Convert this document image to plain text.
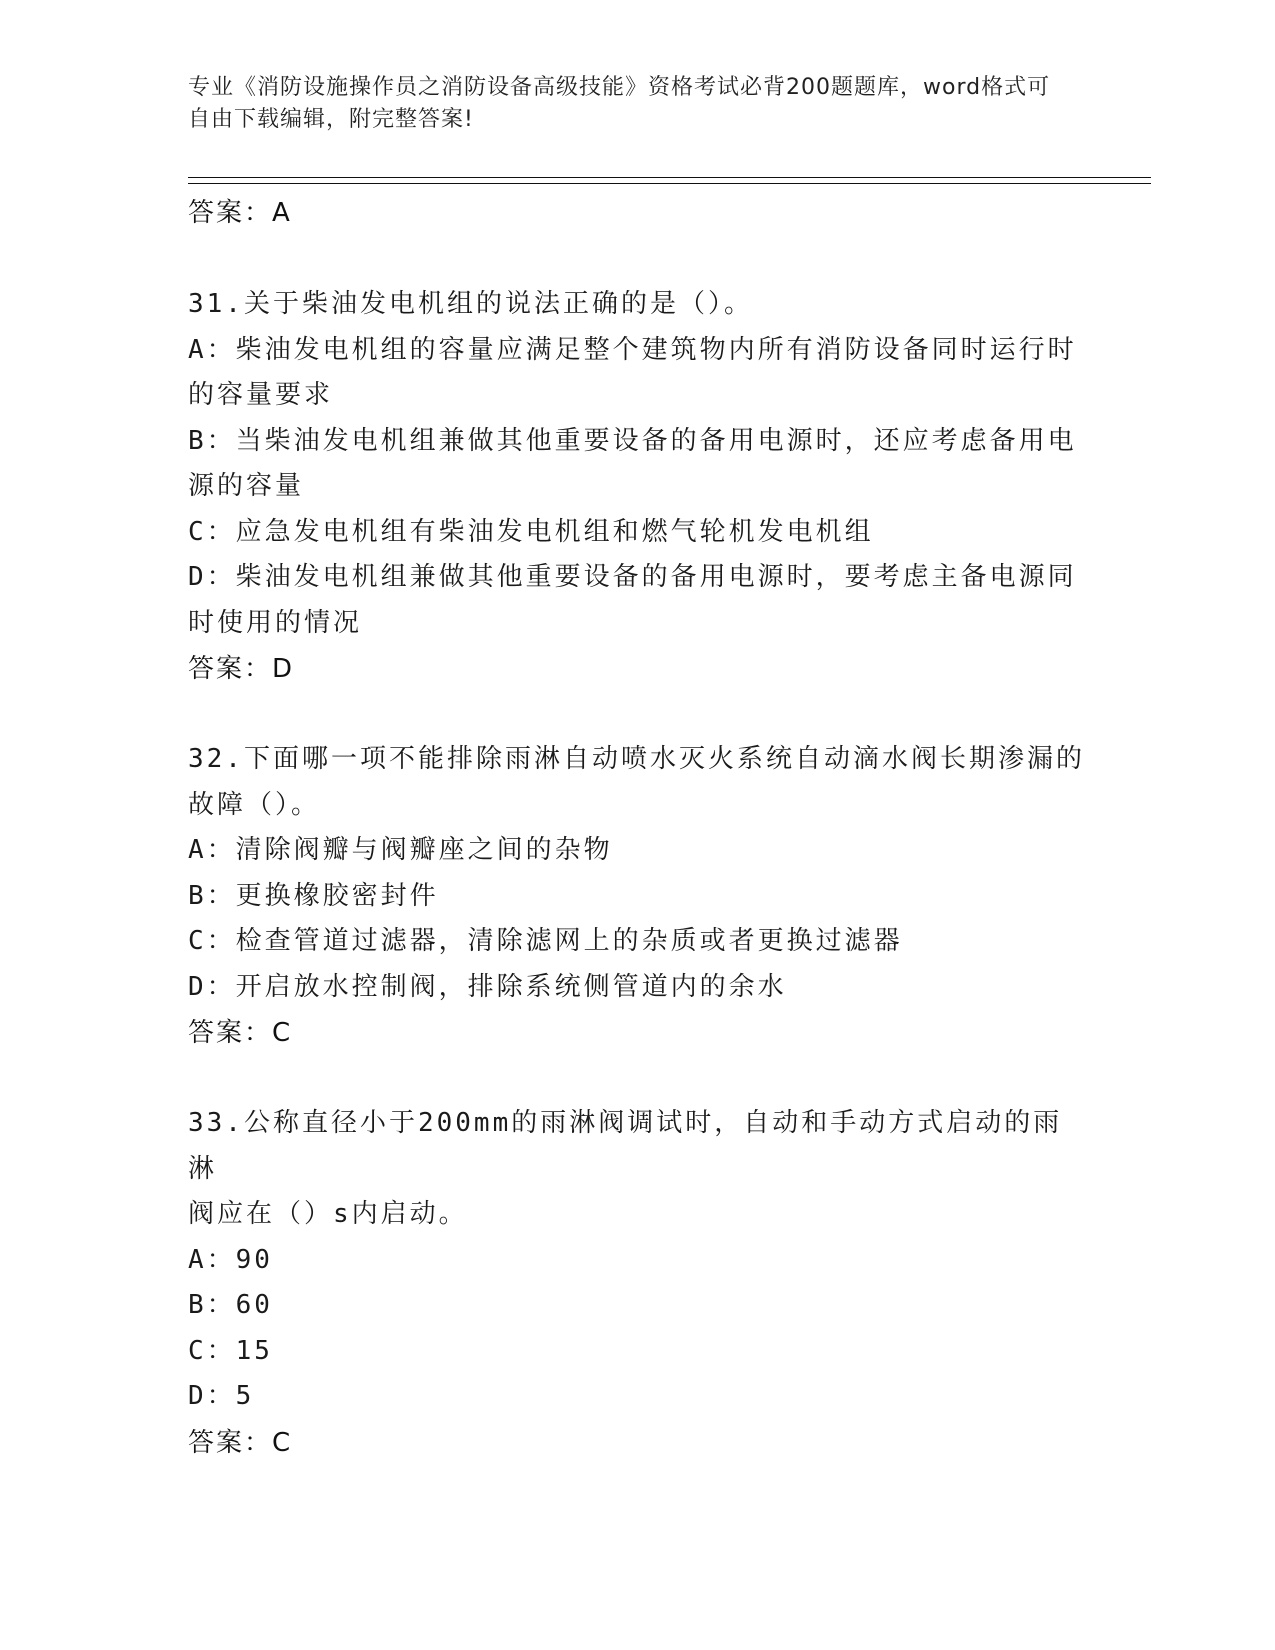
专业《消防设施操作员之消防设备高级技能》资格考试必背200题题库，word格式可自由下载编辑，附完整答案!
答案：A
31.关于柴油发电机组的说法正确的是（）。
A：柴油发电机组的容量应满足整个建筑物内所有消防设备同时运行时
的容量要求
B：当柴油发电机组兼做其他重要设备的备用电源时，还应考虑备用电
源的容量
C：应急发电机组有柴油发电机组和燃气轮机发电机组
D：柴油发电机组兼做其他重要设备的备用电源时，要考虑主备电源同
时使用的情况
答案：D
32.下面哪一项不能排除雨淋自动喷水灭火系统自动滴水阀长期渗漏的
故障（）。
A：清除阀瓣与阀瓣座之间的杂物
B：更换橡胶密封件
C：检查管道过滤器，清除滤网上的杂质或者更换过滤器
D：开启放水控制阀，排除系统侧管道内的余水
答案：C
33.公称直径小于200mm的雨淋阀调试时，自动和手动方式启动的雨淋
阀应在（）s内启动。
A：90
B：60
C：15
D：5
答案：C
